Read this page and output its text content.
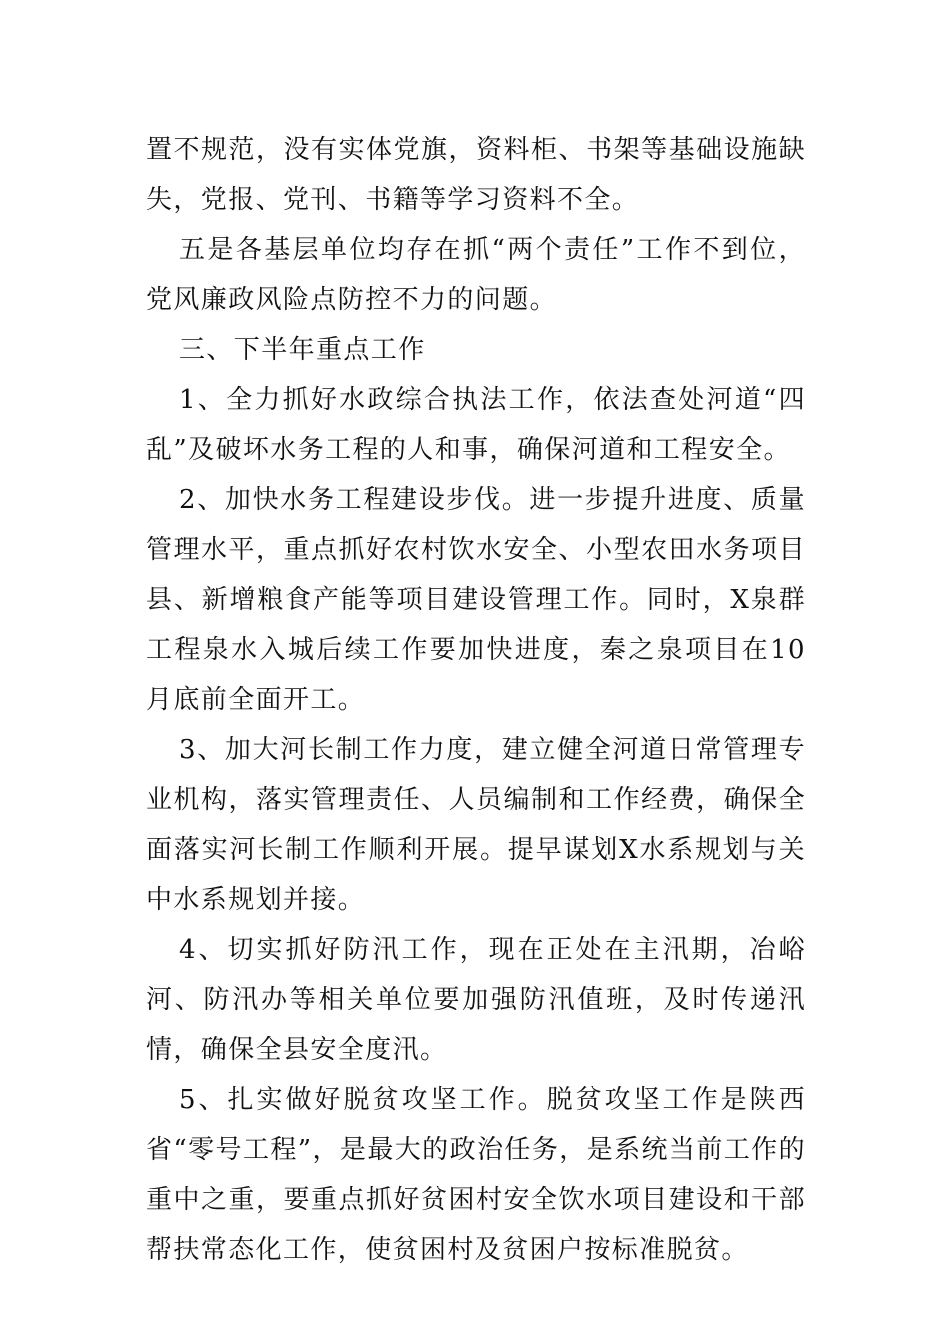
置不规范，没有实体党旗，资料柜、书架等基础设施缺失，党报、党刊、书籍等学习资料不全。

五是各基层单位均存在抓“两个责任”工作不到位，党风廉政风险点防控不力的问题。

三、下半年重点工作

1、全力抓好水政综合执法工作，依法查处河道“四乱”及破坏水务工程的人和事，确保河道和工程安全。

2、加快水务工程建设步伐。进一步提升进度、质量管理水平，重点抓好农村饮水安全、小型农田水务项目县、新增粮食产能等项目建设管理工作。同时，X泉群工程泉水入城后续工作要加快进度，秦之泉项目在10月底前全面开工。

3、加大河长制工作力度，建立健全河道日常管理专业机构，落实管理责任、人员编制和工作经费，确保全面落实河长制工作顺利开展。提早谋划X水系规划与关中水系规划并接。

4、切实抓好防汛工作，现在正处在主汛期，冶峪河、防汛办等相关单位要加强防汛值班，及时传递汛情，确保全县安全度汛。

5、扎实做好脱贫攻坚工作。脱贫攻坚工作是陕西省“零号工程”，是最大的政治任务，是系统当前工作的重中之重，要重点抓好贫困村安全饮水项目建设和干部帮扶常态化工作，使贫困村及贫困户按标准脱贫。
